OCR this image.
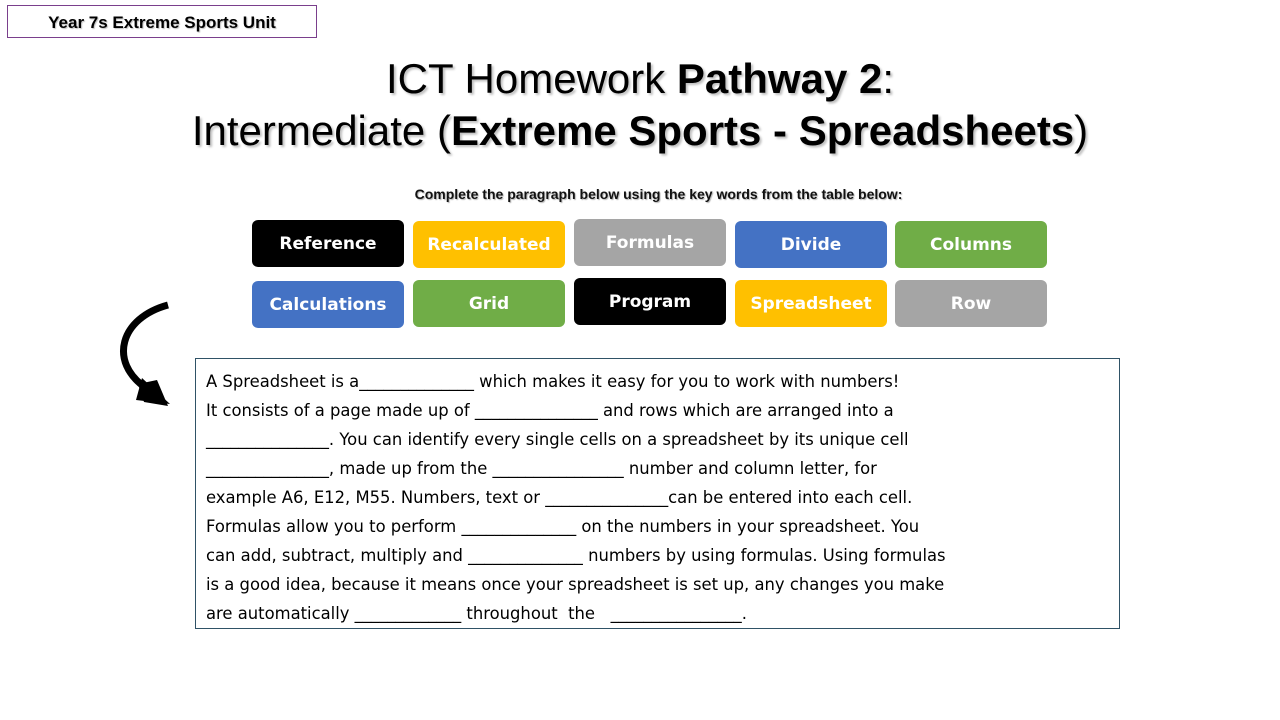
Year 7s Extreme Sports Unit
ICT Homework Pathway 2:
Intermediate (Extreme Sports - Spreadsheets)
Complete the paragraph below using the key words from the table below:
Reference	Recalculated	Formulas	Divide	Columns
Calculations	Grid	Program	Spreadsheet	Row
A Spreadsheet is a______________ which makes it easy for you to work with numbers!
It consists of a page made up of _______________ and rows which are arranged into a
_______________. You can identify every single cells on a spreadsheet by its unique cell
_______________, made up from the ________________ number and column letter, for
example A6, E12, M55. Numbers, text or _______________can be entered into each cell.
Formulas allow you to perform ______________ on the numbers in your spreadsheet. You
can add, subtract, multiply and ______________ numbers by using formulas. Using formulas
is a good idea, because it means once your spreadsheet is set up, any changes you make
are automatically _____________ throughout  the   ________________.
